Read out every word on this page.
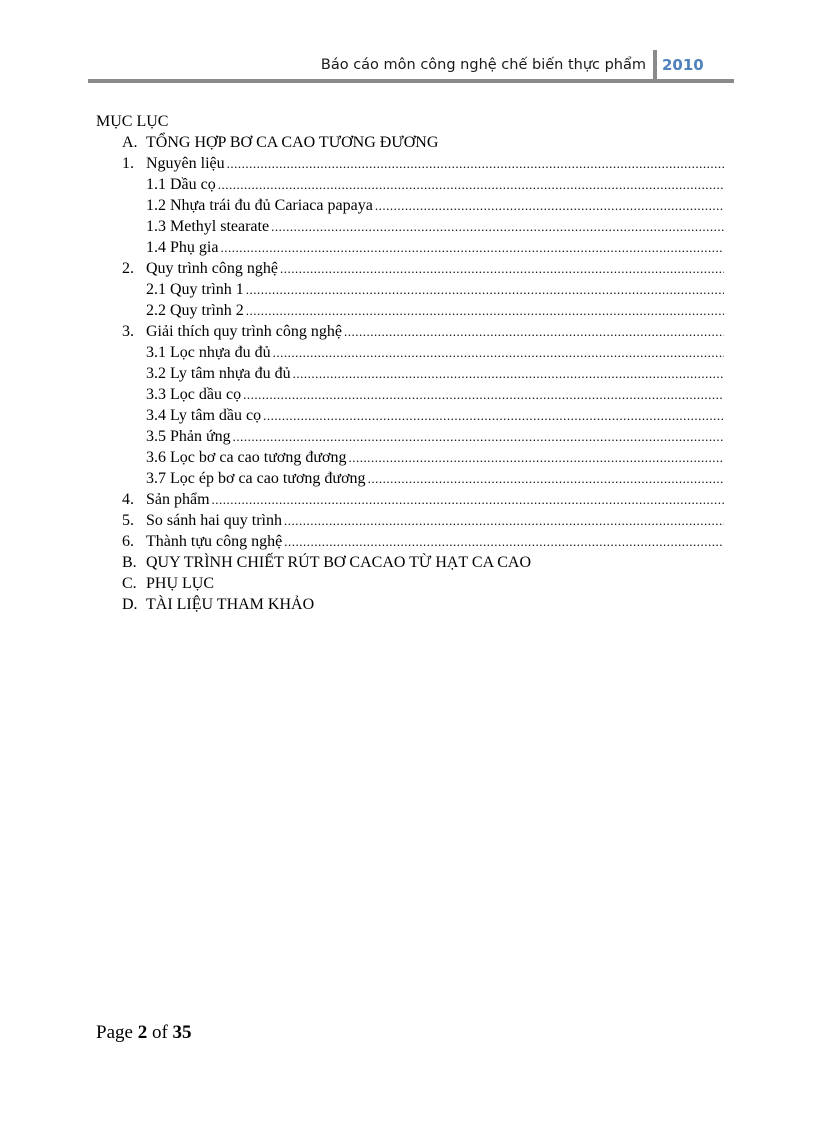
Báo cáo môn công nghệ chế biến thực phẩm 2010
MỤC LỤC
A. TỔNG HỢP BƠ CA CAO TƯƠNG ĐƯƠNG
1. Nguyên liệu
.....
1.1 Dầu cọ
.....
1.2 Nhựa trái đu đủ Cariaca papaya
.....
1.3 Methyl stearate
.....
1.4 Phụ gia
.....
2. Quy trình công nghệ
.....
2.1 Quy trình 1
.....
2.2 Quy trình 2
.....
3. Giải thích quy trình công nghệ
.....
3.1 Lọc nhựa đu đủ
.....
3.2 Ly tâm nhựa đu đủ
.....
3.3 Lọc dầu cọ
.....
3.4 Ly tâm dầu cọ
.....
3.5 Phản ứng
.....
3.6 Lọc bơ ca cao tương đương
.....
3.7 Lọc ép bơ ca cao tương đương
.....
4. Sản phẩm
.....
5. So sánh hai quy trình
.....
6. Thành tựu công nghệ
.....
B. QUY TRÌNH CHIẾT RÚT BƠ CACAO TỪ HẠT CA CAO
C. PHỤ LỤC
D. TÀI LIỆU THAM KHẢO
Page 2 of 35
